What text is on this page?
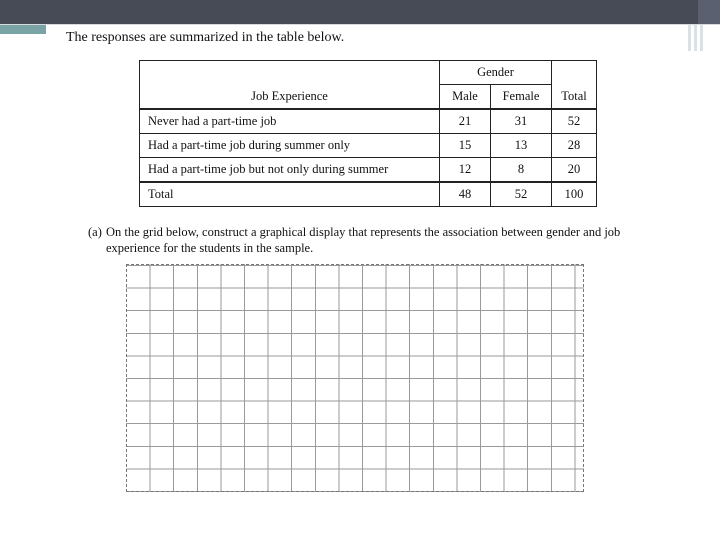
The responses are summarized in the table below.
	Gender		
Job Experience	Male	Female	Total
Never had a part-time job	21	31	52
Had a part-time job during summer only	15	13	28
Had a part-time job but not only during summer	12	8	20
Total	48	52	100
(a) On the grid below, construct a graphical display that represents the association between gender and job experience for the students in the sample.
